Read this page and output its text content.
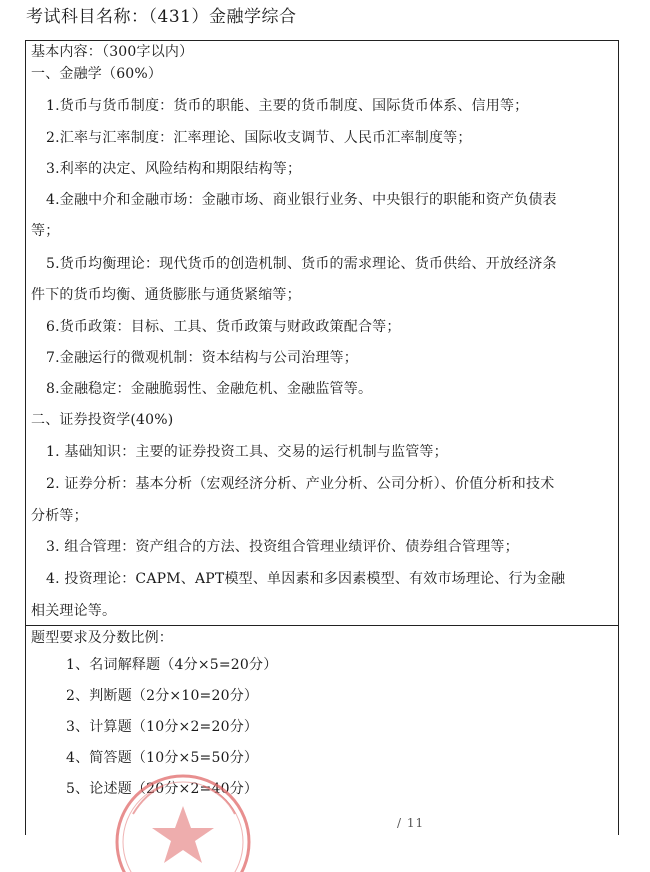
考试科目名称：（431）金融学综合
基本内容：（300字以内）
一、金融学（60%）
1.货币与货币制度：货币的职能、主要的货币制度、国际货币体系、信用等；
2.汇率与汇率制度：汇率理论、国际收支调节、人民币汇率制度等；
3.利率的决定、风险结构和期限结构等；
4.金融中介和金融市场：金融市场、商业银行业务、中央银行的职能和资产负债表
等；
5.货币均衡理论：现代货币的创造机制、货币的需求理论、货币供给、开放经济条
件下的货币均衡、通货膨胀与通货紧缩等；
6.货币政策：目标、工具、货币政策与财政政策配合等；
7.金融运行的微观机制：资本结构与公司治理等；
8.金融稳定：金融脆弱性、金融危机、金融监管等。
二、证券投资学(40%)
1. 基础知识：主要的证券投资工具、交易的运行机制与监管等；
2. 证券分析：基本分析（宏观经济分析、产业分析、公司分析）、价值分析和技术
分析等；
3. 组合管理：资产组合的方法、投资组合管理业绩评价、债券组合管理等；
4. 投资理论：CAPM、APT模型、单因素和多因素模型、有效市场理论、行为金融
相关理论等。
题型要求及分数比例：
1、名词解释题（4分×5=20分）
2、判断题（2分×10=20分）
3、计算题（10分×2=20分）
4、简答题（10分×5=50分）
5、论述题（20分×2=40分）
/ 11
